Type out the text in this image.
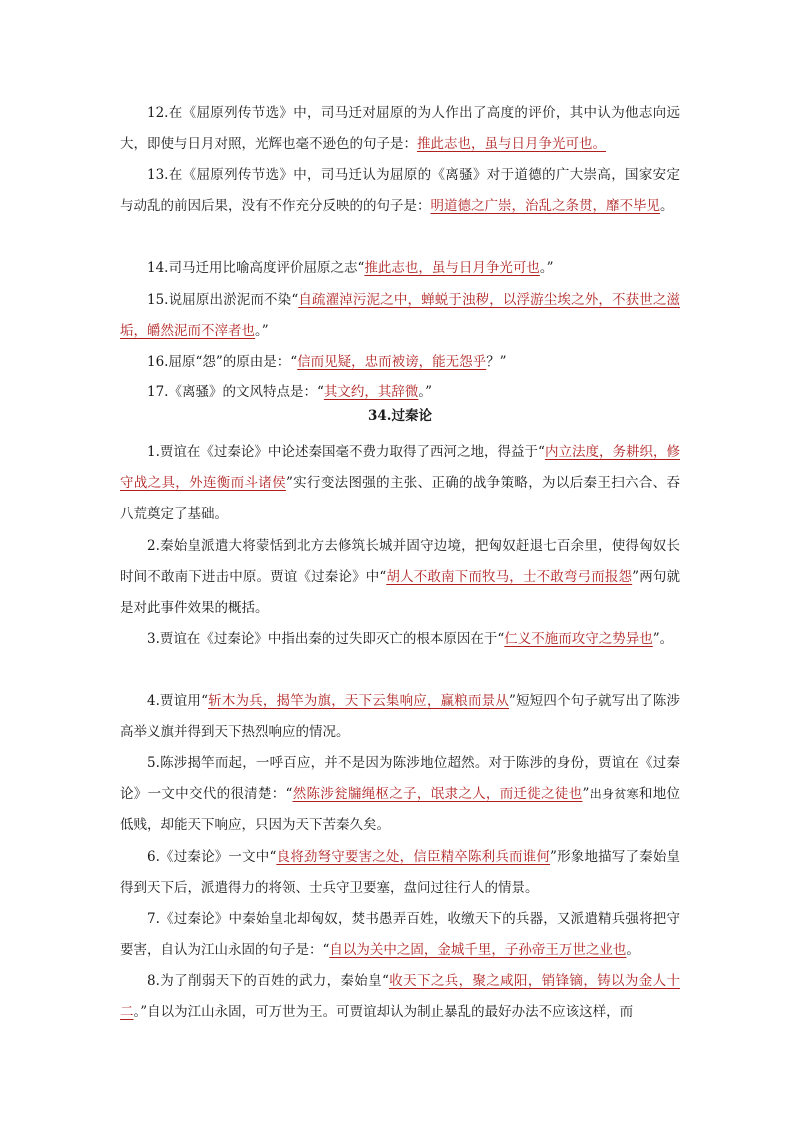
12.在《屈原列传节选》中，司马迁对屈原的为人作出了高度的评价，其中认为他志向远大，即使与日月对照，光辉也毫不逊色的句子是：推此志也，虽与日月争光可也。

13.在《屈原列传节选》中，司马迁认为屈原的《离骚》对于道德的广大崇高，国家安定与动乱的前因后果，没有不作充分反映的的句子是：明道德之广崇，治乱之条贯，靡不毕见。

14.司马迁用比喻高度评价屈原之志“推此志也，虽与日月争光可也。”

15.说屈原出淤泥而不染“自疏濯淖污泥之中，蝉蜕于浊秽，以浮游尘埃之外，不获世之滋垢，皭然泥而不滓者也。”

16.屈原“怨”的原由是：“信而见疑，忠而被谤，能无怨乎？”

17.《离骚》的文风特点是：“其文约，其辞微。”

34.过秦论

1.贾谊在《过秦论》中论述秦国毫不费力取得了西河之地，得益于“内立法度，务耕织，修守战之具，外连衡而斗诸侯”实行变法图强的主张、正确的战争策略，为以后秦王扫六合、吞八荒奠定了基础。

2.秦始皇派遣大将蒙恬到北方去修筑长城并固守边境，把匈奴赶退七百余里，使得匈奴长时间不敢南下进击中原。贾谊《过秦论》中“胡人不敢南下而牧马，士不敢弯弓而报怨”两句就是对此事件效果的概括。

3.贾谊在《过秦论》中指出秦的过失即灭亡的根本原因在于“仁义不施而攻守之势异也”。

4.贾谊用“斩木为兵，揭竿为旗，天下云集响应，赢粮而景从”短短四个句子就写出了陈涉高举义旗并得到天下热烈响应的情况。

5.陈涉揭竿而起，一呼百应，并不是因为陈涉地位超然。对于陈涉的身份，贾谊在《过秦论》一文中交代的很清楚：“然陈涉瓮牖绳枢之子，氓隶之人，而迁徙之徒也”出身贫寒和地位低贱，却能天下响应，只因为天下苦秦久矣。

6.《过秦论》一文中“良将劲弩守要害之处，信臣精卒陈利兵而谁何”形象地描写了秦始皇得到天下后，派遣得力的将领、士兵守卫要塞，盘问过往行人的情景。

7.《过秦论》中秦始皇北却匈奴，焚书愚弄百姓，收缴天下的兵器，又派遣精兵强将把守要害，自认为江山永固的句子是：“自以为关中之固，金城千里，子孙帝王万世之业也。

8.为了削弱天下的百姓的武力，秦始皇“收天下之兵，聚之咸阳，销锋镝，铸以为金人十二。”自以为江山永固，可万世为王。可贾谊却认为制止暴乱的最好办法不应该这样，而
